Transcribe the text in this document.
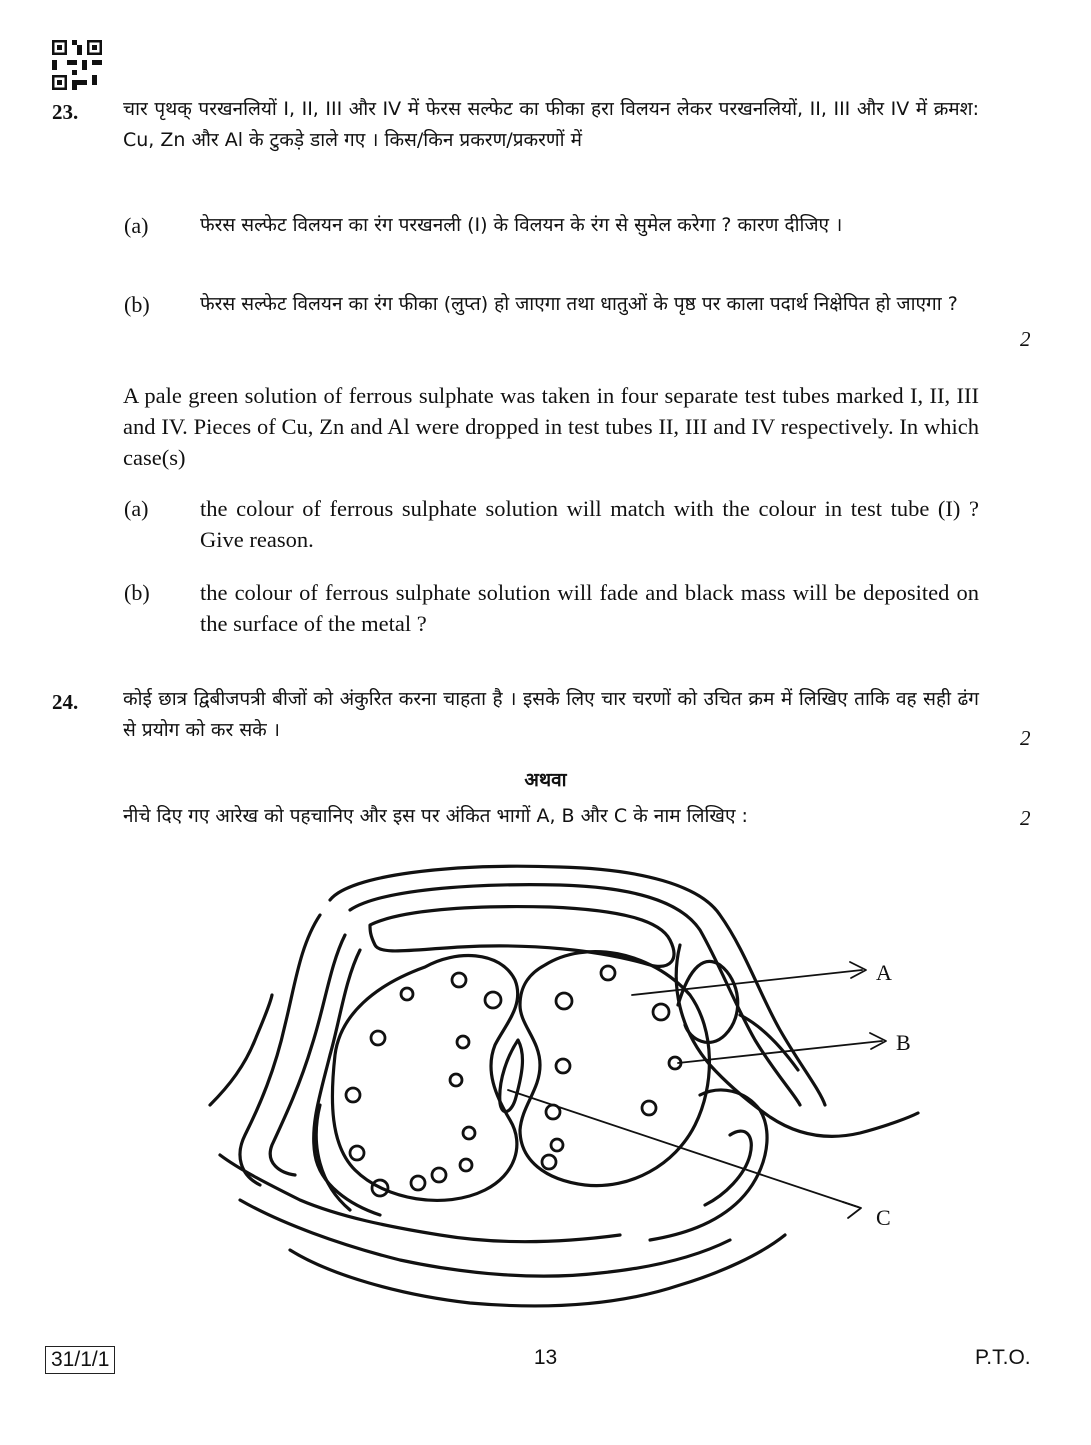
23. चार पृथक् परखनलियों I, II, III और IV में फेरस सल्फेट का फीका हरा विलयन लेकर परखनलियों, II, III और IV में क्रमश: Cu, Zn और Al के टुकड़े डाले गए । किस/किन प्रकरण/प्रकरणों में
(a)	फेरस सल्फेट विलयन का रंग परखनली (I) के विलयन के रंग से सुमेल करेगा ? कारण दीजिए ।
(b)	फेरस सल्फेट विलयन का रंग फीका (लुप्त) हो जाएगा तथा धातुओं के पृष्ठ पर काला पदार्थ निक्षेपित हो जाएगा ?
2
A pale green solution of ferrous sulphate was taken in four separate test tubes marked I, II, III and IV. Pieces of Cu, Zn and Al were dropped in test tubes II, III and IV respectively. In which case(s)
(a) the colour of ferrous sulphate solution will match with the colour in test tube (I) ? Give reason.
(b) the colour of ferrous sulphate solution will fade and black mass will be deposited on the surface of the metal ?
24. कोई छात्र द्विबीजपत्री बीजों को अंकुरित करना चाहता है । इसके लिए चार चरणों को उचित क्रम में लिखिए ताकि वह सही ढंग से प्रयोग को कर सके ।	2
अथवा
नीचे दिए गए आरेख को पहचानिए और इस पर अंकित भागों A, B और C के नाम लिखिए :	2
A
B
C
31/1/1	13	P.T.O.
